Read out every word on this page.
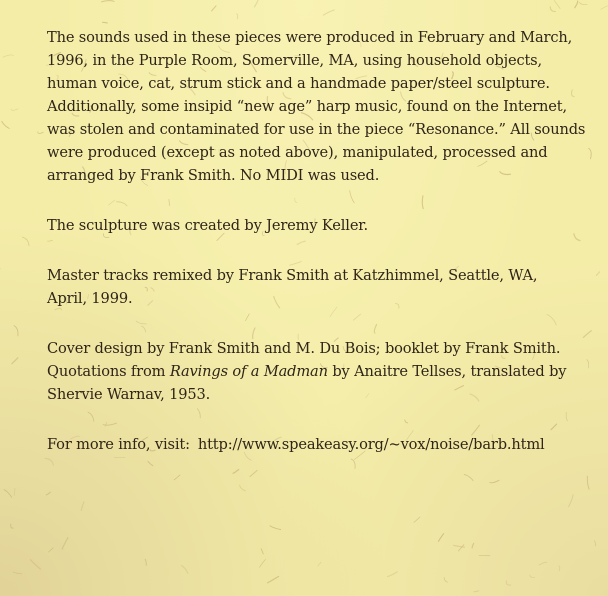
The sounds used in these pieces were produced in February and March,
1996, in the Purple Room, Somerville, MA, using household objects,
human voice, cat, strum stick and a handmade paper/steel sculpture.
Additionally, some insipid “new age” harp music, found on the Internet,
was stolen and contaminated for use in the piece “Resonance.” All sounds
were produced (except as noted above), manipulated, processed and
arranged by Frank Smith. No MIDI was used.

The sculpture was created by Jeremy Keller.

Master tracks remixed by Frank Smith at Katzhimmel, Seattle, WA,
April, 1999.

Cover design by Frank Smith and M. Du Bois; booklet by Frank Smith.
Quotations from Ravings of a Madman by Anaitre Tellses, translated by
Shervie Warnav, 1953.

For more info, visit: http://www.speakeasy.org/~vox/noise/barb.html
